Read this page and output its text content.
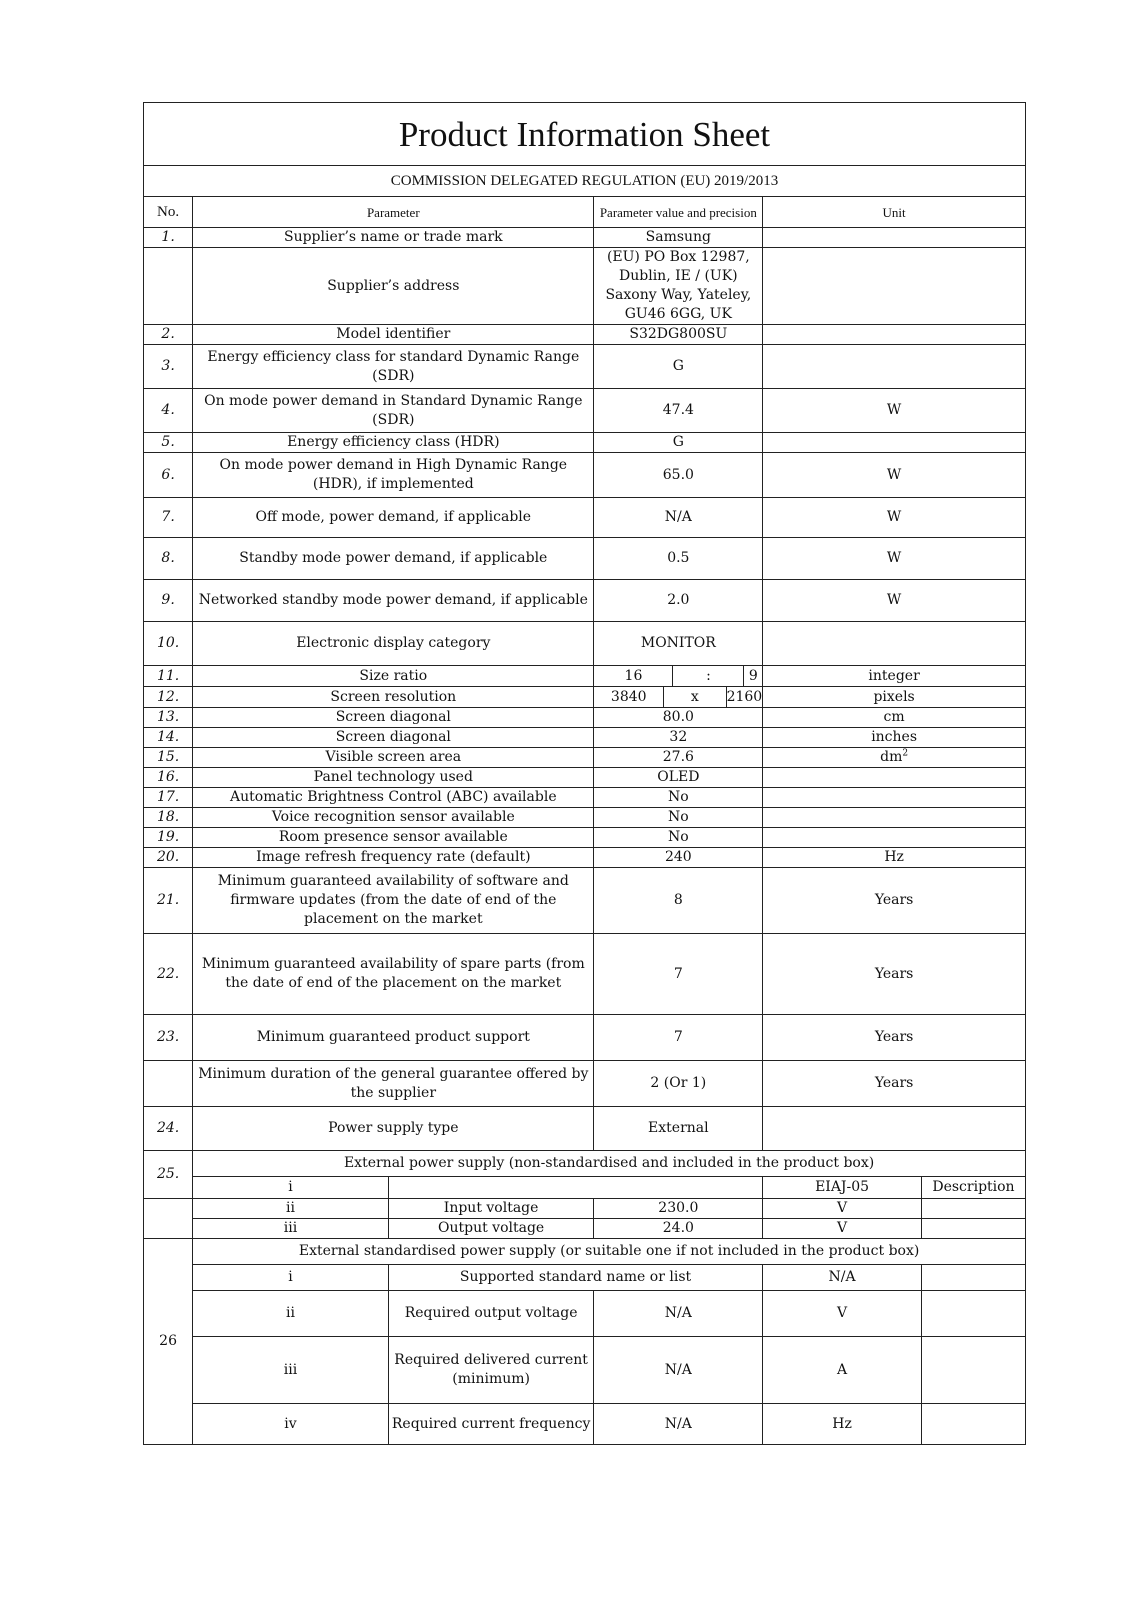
Product Information Sheet					
COMMISSION DELEGATED REGULATION (EU) 2019/2013					
No.	Parameter		Parameter value and precision	Unit	
1.	Supplier’s name or trade mark		Samsung		
	Supplier’s address		(EU) PO Box 12987, Dublin, IE / (UK) Saxony Way, Yateley, GU46 6GG, UK		
2.	Model identifier		S32DG800SU		
3.	Energy efficiency class for standard Dynamic Range (SDR)		G		
4.	On mode power demand in Standard Dynamic Range (SDR)		47.4	W	
5.	Energy efficiency class (HDR)		G		
6.	On mode power demand in High Dynamic Range (HDR), if implemented		65.0	W	
7.	Off mode, power demand, if applicable		N/A	W	
8.	Standby mode power demand, if applicable		0.5	W	
9.	Networked standby mode power demand, if applicable		2.0	W	
10.	Electronic display category		MONITOR		
11.	Size ratio		16 : 9	integer	
12.	Screen resolution		3840 x 2160	pixels	
13.	Screen diagonal		80.0	cm	
14.	Screen diagonal		32	inches	
15.	Visible screen area		27.6	$dm^2$
16.	Panel technology used		OLED		
17.	Automatic Brightness Control (ABC) available		No		
18.	Voice recognition sensor available		No		
19.	Room presence sensor available		No		
20.	Image refresh frequency rate (default)		240	Hz	
21.	Minimum guaranteed availability of software and firmware updates (from the date of end of the placement on the market		8	Years	
22.	Minimum guaranteed availability of spare parts (from the date of end of the placement on the market		7	Years	
23.	Minimum guaranteed product support		7	Years	
	Minimum duration of the general guarantee offered by the supplier		2 (Or 1)	Years	
24.	Power supply type		External		
25.	External power supply (non-standardised and included in the product box)				
	i			EIAJ-05	Description
	ii	Input voltage	230.0	V	
	iii	Output voltage	24.0	V	
26	External standardised power supply (or suitable one if not included in the product box)				
	i	Supported standard name or list		N/A	
	ii	Required output voltage	N/A	V	
	iii	Required delivered current (minimum)	N/A	A	
	iv	Required current frequency	N/A	Hz	
